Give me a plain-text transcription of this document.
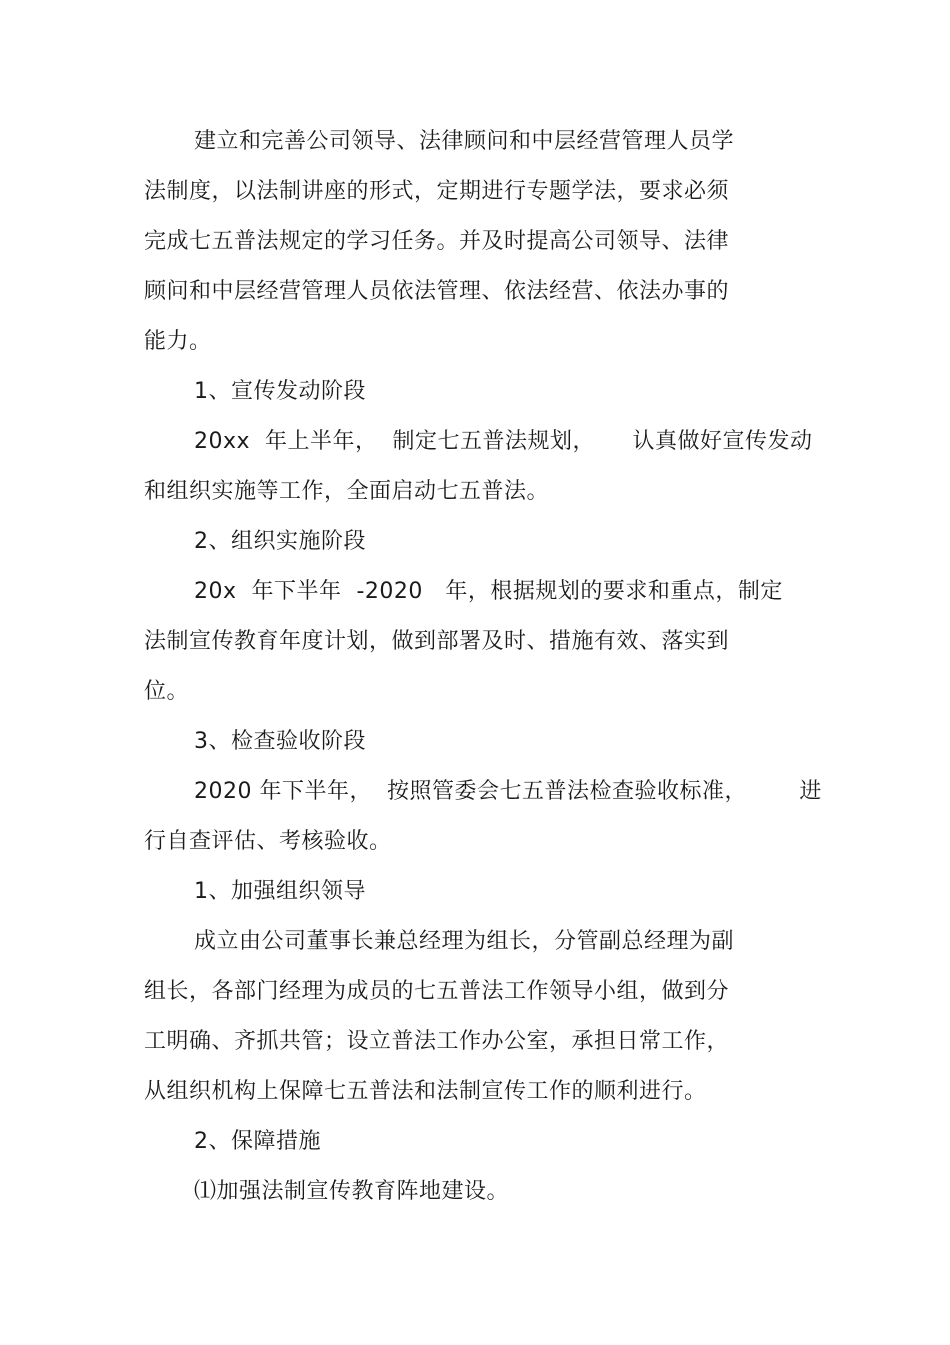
建立和完善公司领导、法律顾问和中层经营管理人员学
法制度，以法制讲座的形式，定期进行专题学法，要求必须
完成七五普法规定的学习任务。并及时提高公司领导、法律
顾问和中层经营管理人员依法管理、依法经营、依法办事的
能力。
1、宣传发动阶段
20xx  年上半年，  制定七五普法规划，     认真做好宣传发动
和组织实施等工作，全面启动七五普法。
2、组织实施阶段
20x  年下半年  -2020   年，根据规划的要求和重点，制定
法制宣传教育年度计划，做到部署及时、措施有效、落实到
位。
3、检查验收阶段
2020 年下半年，  按照管委会七五普法检查验收标准，       进
行自查评估、考核验收。
1、加强组织领导
成立由公司董事长兼总经理为组长，分管副总经理为副
组长，各部门经理为成员的七五普法工作领导小组，做到分
工明确、齐抓共管；设立普法工作办公室，承担日常工作，
从组织机构上保障七五普法和法制宣传工作的顺利进行。
2、保障措施
⑴加强法制宣传教育阵地建设。
